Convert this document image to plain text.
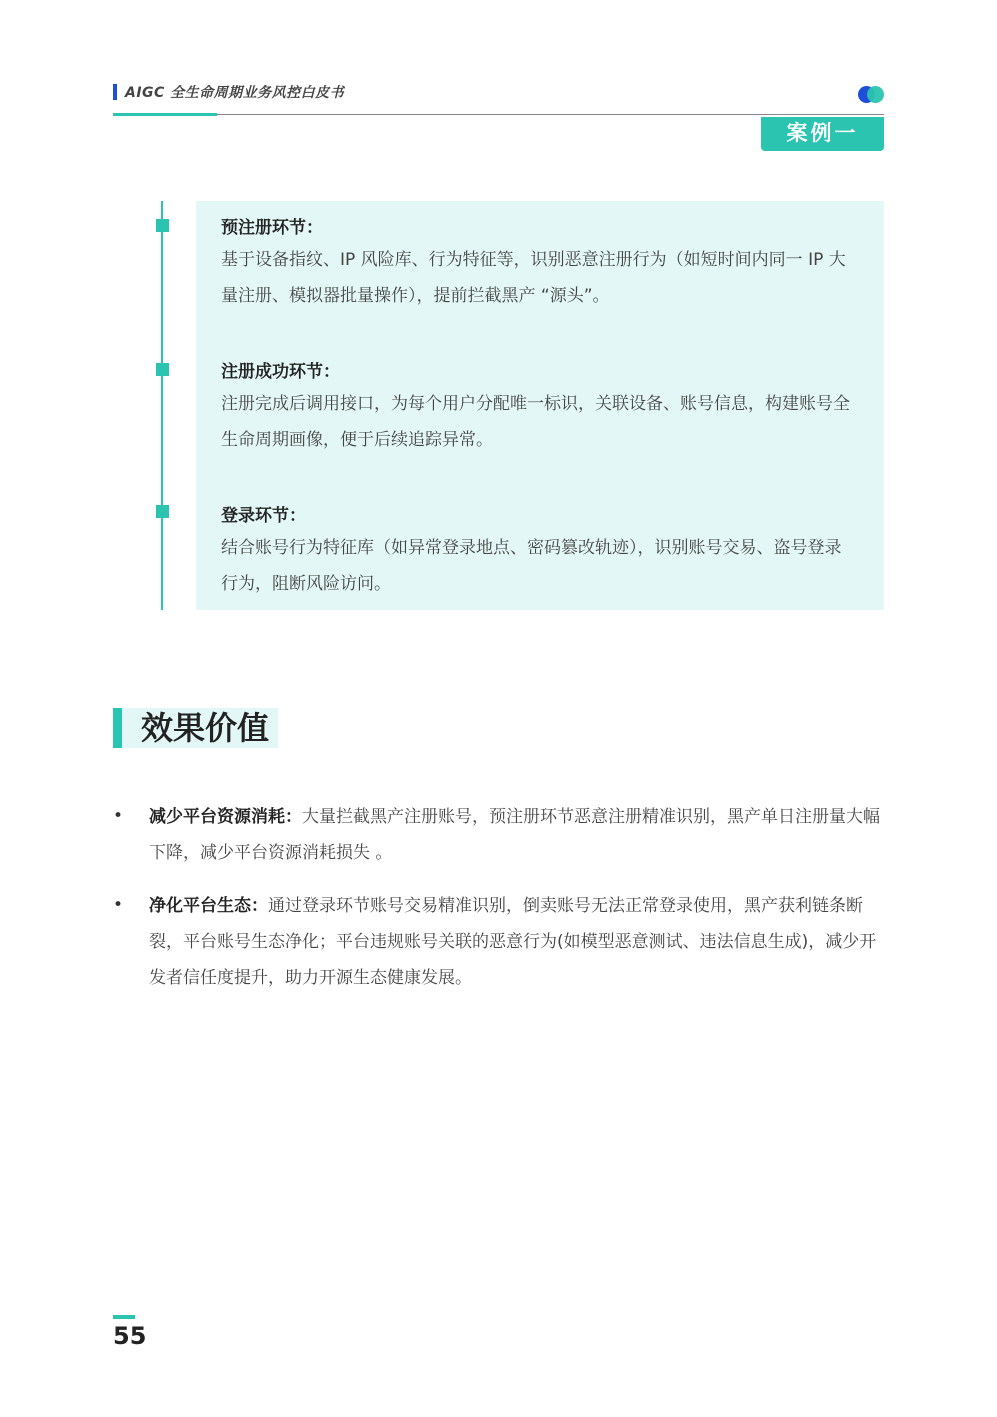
AIGC 全生命周期业务风控白皮书
案例一
预注册环节：
基于设备指纹、IP 风险库、行为特征等，识别恶意注册行为（如短时间内同一 IP 大量注册、模拟器批量操作），提前拦截黑产 “源头”。
注册成功环节：
注册完成后调用接口，为每个用户分配唯一标识，关联设备、账号信息，构建账号全生命周期画像，便于后续追踪异常。
登录环节：
结合账号行为特征库（如异常登录地点、密码篡改轨迹），识别账号交易、盗号登录行为，阻断风险访问。
效果价值
• 减少平台资源消耗：大量拦截黑产注册账号，预注册环节恶意注册精准识别，黑产单日注册量大幅下降，减少平台资源消耗损失 。
• 净化平台生态：通过登录环节账号交易精准识别，倒卖账号无法正常登录使用，黑产获利链条断裂，平台账号生态净化；平台违规账号关联的恶意行为(如模型恶意测试、违法信息生成)，减少开发者信任度提升，助力开源生态健康发展。
55
